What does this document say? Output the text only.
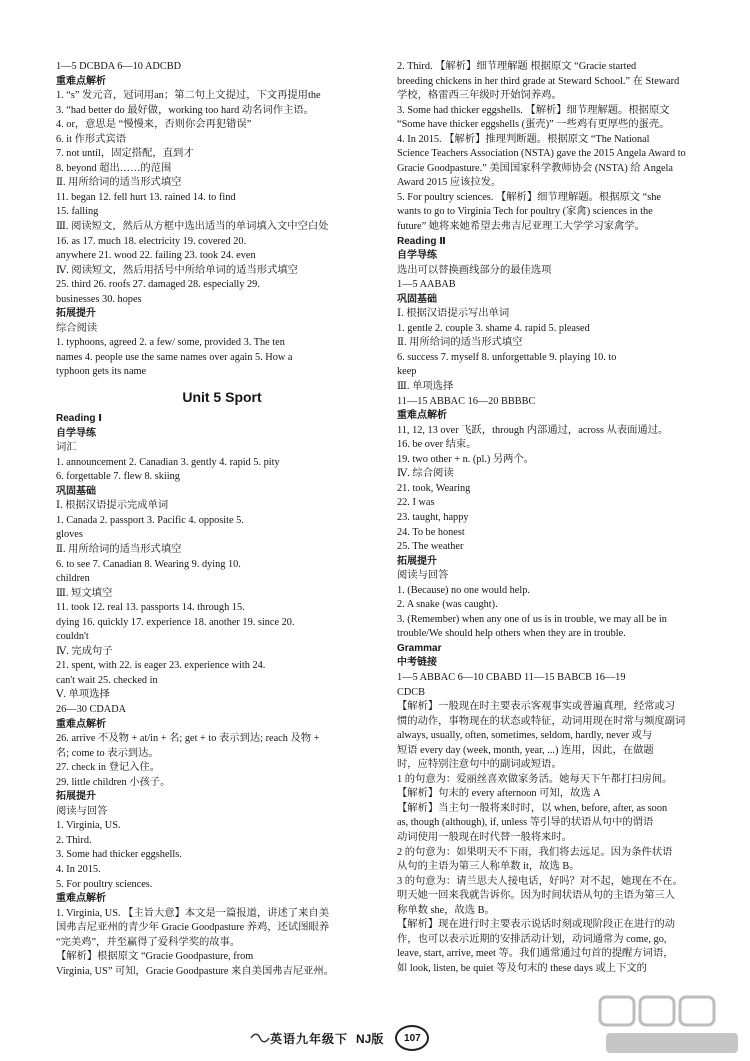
1—5 DCBDA 6—10 ADCBD
重难点解析
1. “s” 发元音，冠词用an；第二句上文提过，下文再提用the
3. “had better do 最好做，working too hard 动名词作主语。
4. or，意思是 “慢慢来，否则你会再犯错误”
6. it 作形式宾语
7. not until，固定搭配，直到才
8. beyond 超出……的范围
Ⅱ. 用所给词的适当形式填空
11. began 12. fell hurt 13. rained 14. to find
15. falling
Ⅲ. 阅读短文，然后从方框中选出适当的单词填入文中空白处
16. as 17. much 18. electricity 19. covered 20.
anywhere 21. wood 22. failing 23. took 24. even
Ⅳ. 阅读短文，然后用括号中所给单词的适当形式填空
25. third 26. roofs 27. damaged 28. especially 29.
businesses 30. hopes
拓展提升
综合阅读
1. typhoons, agreed 2. a few/ some, provided 3. The ten
names 4. people use the same names over again 5. How a
typhoon gets its name
Unit 5 Sport
Reading Ⅰ
自学导练
词汇
1. announcement 2. Canadian 3. gently 4. rapid 5. pity
6. forgettable 7. flew 8. skiing
巩固基础
Ⅰ. 根据汉语提示完成单词
1. Canada 2. passport 3. Pacific 4. opposite 5.
gloves
Ⅱ. 用所给词的适当形式填空
6. to see 7. Canadian 8. Wearing 9. dying 10.
children
Ⅲ. 短文填空
11. took 12. real 13. passports 14. through 15.
dying 16. quickly 17. experience 18. another 19. since 20.
couldn't
Ⅳ. 完成句子
21. spent, with 22. is eager 23. experience with 24.
can't wait 25. checked in
Ⅴ. 单项选择
26—30 CDADA
重难点解析
26. arrive 不及物 + at/in + 名; get + to 表示到达; reach 及物 +
名; come to 表示到达。
27. check in 登记入住。
29. little children 小孩子。
拓展提升
阅读与回答
1. Virginia, US.
2. Third.
3. Some had thicker eggshells.
4. In 2015.
5. For poultry sciences.
重难点解析
1. Virginia, US. 【主旨大意】本文是一篇报道，讲述了来自美
国弗吉尼亚州的青少年 Gracie Goodpasture 养鸡，还试图眼养
“完美鸡”，并至赢得了爱科学奖的故事。
【解析】根据原文 “Gracie Goodpasture, from
Virginia, US” 可知，Gracie Goodpasture 来自美国弗吉尼亚州。
2. Third. 【解析】细节理解题 根据原文 “Gracie started
breeding chickens in her third grade at Steward School.” 在 Steward
学校，格雷西三年级时开始饲养鸡。
3. Some had thicker eggshells. 【解析】细节理解题。根据原文
“Some have thicker eggshells (蛋壳)” 一些鸡有更厚些的蛋壳。
4. In 2015. 【解析】推理判断题。根据原文 “The National
Science Teachers Association (NSTA) gave the 2015 Angela Award to
Gracie Goodpasture.” 美国国家科学教师协会 (NSTA) 给 Angela
Award 2015 应该拉发。
5. For poultry sciences. 【解析】细节理解题。根据原文 “she
wants to go to Virginia Tech for poultry (家禽) sciences in the
future” 她将来她希望去弗吉尼亚理工大学学习家禽学。
Reading Ⅱ
自学导练
选出可以替换画线部分的最佳选项
1—5 AABAB
巩固基础
Ⅰ. 根据汉语提示写出单词
1. gentle 2. couple 3. shame 4. rapid 5. pleased
Ⅱ. 用所给词的适当形式填空
6. success 7. myself 8. unforgettable 9. playing 10. to
keep
Ⅲ. 单项选择
11—15 ABBAC 16—20 BBBBC
重难点解析
11, 12, 13 over 飞跃，through 内部通过，across 从表面通过。
16. be over 结束。
19. two other + n. (pl.) 另两个。
Ⅳ. 综合阅读
21. took, Wearing
22. I was
23. taught, happy
24. To be honest
25. The weather
拓展提升
阅读与回答
1. (Because) no one would help.
2. A snake (was caught).
3. (Remember) when any one of us is in trouble, we may all be in
trouble/We should help others when they are in trouble.
Grammar
中考链接
1—5 ABBAC 6—10 CBABD 11—15 BABCB 16—19
CDCB
【解析】一般现在时主要表示客观事实或普遍真理，经常或习
惯的动作，事物现在的状态或特征，动词用现在时常与频度副词
always, usually, often, sometimes, seldom, hardly, never 或与
短语 every day (week, month, year, ...) 连用，因此，在做题
时，应特别注意句中的副词或短语。
1 的句意为：爱丽丝喜欢做家务活。她每天下午都打扫房间。
【解析】句末的 every afternoon 可知，故选 A
【解析】当主句一般将来时时，以 when, before, after, as soon
as, though (although), if, unless 等引导的状语从句中的谓语
动词使用一般现在时代替一般将来时。
2 的句意为：如果明天不下雨，我们将去远足。因为条件状语
从句的主语为第三人称单数 it，故选 B。
3 的句意为：请兰思夫人接电话，好吗？对不起，她现在不在。
明天她一回来我就告诉你。因为时间状语从句的主语为第三人
称单数 she，故选 B。
【解析】现在进行时主要表示说话时刻或现阶段正在进行的动
作，也可以表示近期的安排活动计划，动词通常为 come, go,
leave, start, arrive, meet 等。我们通常通过句首的提醒方词语，
如 look, listen, be quiet 等及句末的 these days 或上下文的
英语九年级下 NJ版	107
